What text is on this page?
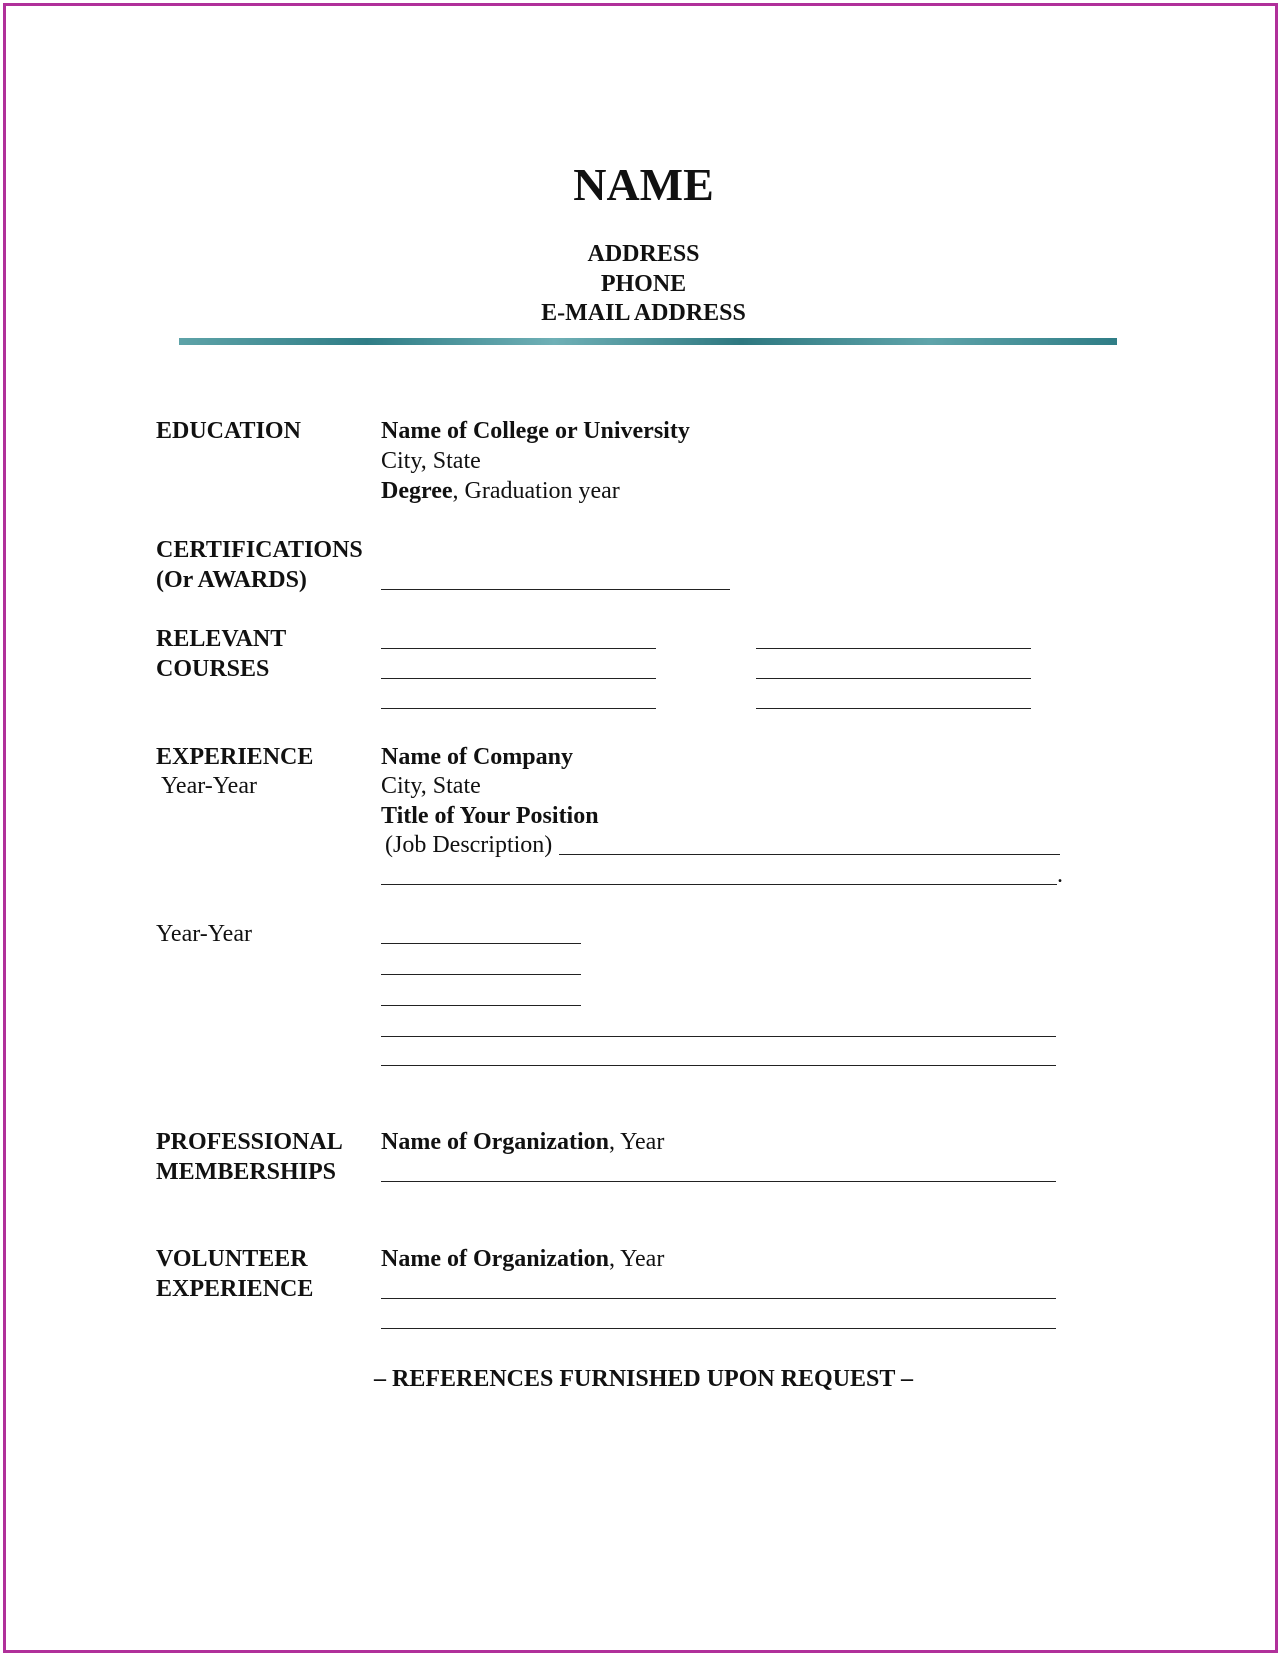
NAME
ADDRESS
PHONE
E-MAIL ADDRESS
EDUCATION	Name of College or University
City, State
Degree, Graduation year
CERTIFICATIONS
(Or AWARDS)
RELEVANT
COURSES
EXPERIENCE
Year-Year
Name of Company
City, State
Title of Your Position
(Job Description)
.
Year-Year
PROFESSIONAL
MEMBERSHIPS
Name of Organization, Year
VOLUNTEER
EXPERIENCE
Name of Organization, Year
– REFERENCES FURNISHED UPON REQUEST –
